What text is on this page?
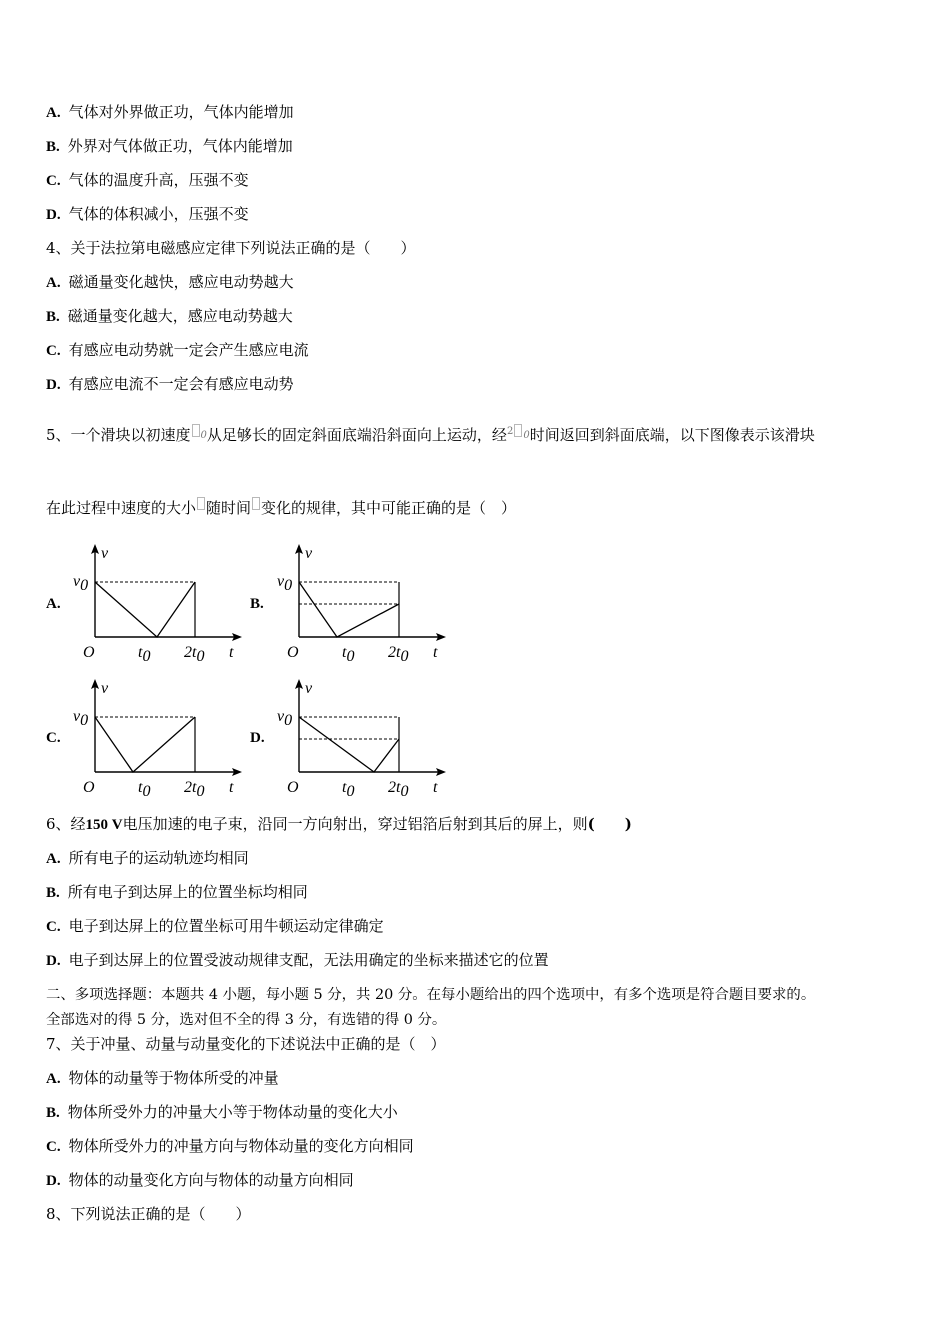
A. 气体对外界做正功，气体内能增加
B. 外界对气体做正功，气体内能增加
C. 气体的温度升高，压强不变
D. 气体的体积减小，压强不变
4、关于法拉第电磁感应定律下列说法正确的是（　　）
A. 磁通量变化越快，感应电动势越大
B. 磁通量变化越大，感应电动势越大
C. 有感应电动势就一定会产生感应电流
D. 有感应电流不一定会有感应电动势
5、一个滑块以初速度 0从足够长的固定斜面底端沿斜面向上运动，经$^2$ 0时间返回到斜面底端，以下图像表示该滑块
在此过程中速度的大小 随时间 变化的规律，其中可能正确的是（　）
A.
v
v0
O	t0 2t0 t
B.
v
v0
O	t0 2t0 t
C.
v
v0
O	t0 2t0 t
D.
v
v0
O	t0 2t0 t
6、经150 V电压加速的电子束，沿同一方向射出，穿过铝箔后射到其后的屏上，则(　　)
A. 所有电子的运动轨迹均相同
B. 所有电子到达屏上的位置坐标均相同
C. 电子到达屏上的位置坐标可用牛顿运动定律确定
D. 电子到达屏上的位置受波动规律支配，无法用确定的坐标来描述它的位置
二、多项选择题：本题共 4 小题，每小题 5 分，共 20 分。在每小题给出的四个选项中，有多个选项是符合题目要求的。
全部选对的得 5 分，选对但不全的得 3 分，有选错的得 0 分。
7、关于冲量、动量与动量变化的下述说法中正确的是（　）
A. 物体的动量等于物体所受的冲量
B. 物体所受外力的冲量大小等于物体动量的变化大小
C. 物体所受外力的冲量方向与物体动量的变化方向相同
D. 物体的动量变化方向与物体的动量方向相同
8、下列说法正确的是（　　）
